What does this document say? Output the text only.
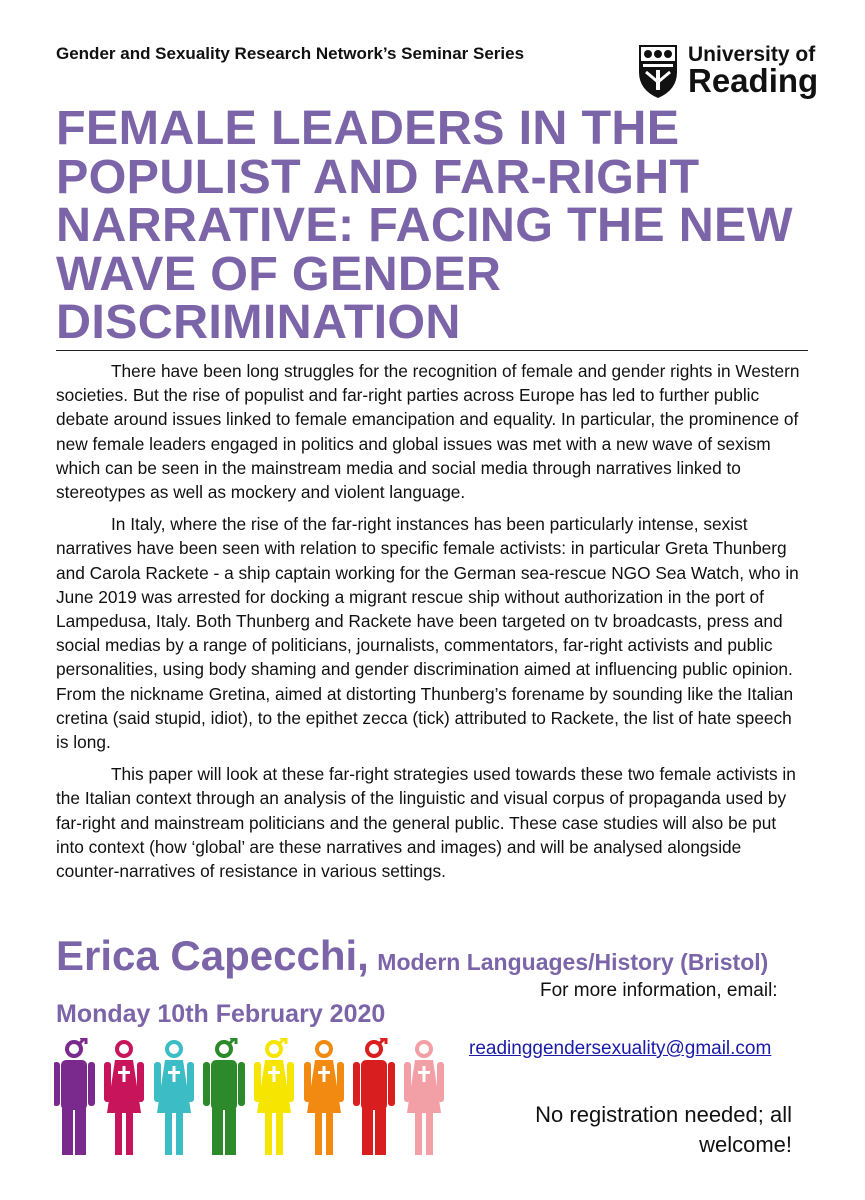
Gender and Sexuality Research Network’s Seminar Series	University of
Reading
FEMALE LEADERS IN THE
POPULIST AND FAR-RIGHT
NARRATIVE: FACING THE NEW
WAVE OF GENDER
DISCRIMINATION

There have been long struggles for the recognition of female and gender rights in Western societies. But the rise of populist and far-right parties across Europe has led to further public debate around issues linked to female emancipation and equality. In particular, the prominence of new female leaders engaged in politics and global issues was met with a new wave of sexism which can be seen in the mainstream media and social media through narratives linked to stereotypes as well as mockery and violent language.

In Italy, where the rise of the far-right instances has been particularly intense, sexist narratives have been seen with relation to specific female activists: in particular Greta Thunberg and Carola Rackete - a ship captain working for the German sea-rescue NGO Sea Watch, who in June 2019 was arrested for docking a migrant rescue ship without authorization in the port of Lampedusa, Italy. Both Thunberg and Rackete have been targeted on tv broadcasts, press and social medias by a range of politicians, journalists, commentators, far-right activists and public personalities, using body shaming and gender discrimination aimed at influencing public opinion. From the nickname Gretina, aimed at distorting Thunberg’s forename by sounding like the Italian cretina (said stupid, idiot), to the epithet zecca (tick) attributed to Rackete, the list of hate speech is long.

This paper will look at these far-right strategies used towards these two female activists in the Italian context through an analysis of the linguistic and visual corpus of propaganda used by far-right and mainstream politicians and the general public. These case studies will also be put into context (how ‘global’ are these narratives and images) and will be analysed alongside counter-narratives of resistance in various settings.

Erica Capecchi, Modern Languages/History (Bristol)
For more information, email:
Monday 10th February 2020
readinggendersexuality@gmail.com
No registration needed; all
welcome!
